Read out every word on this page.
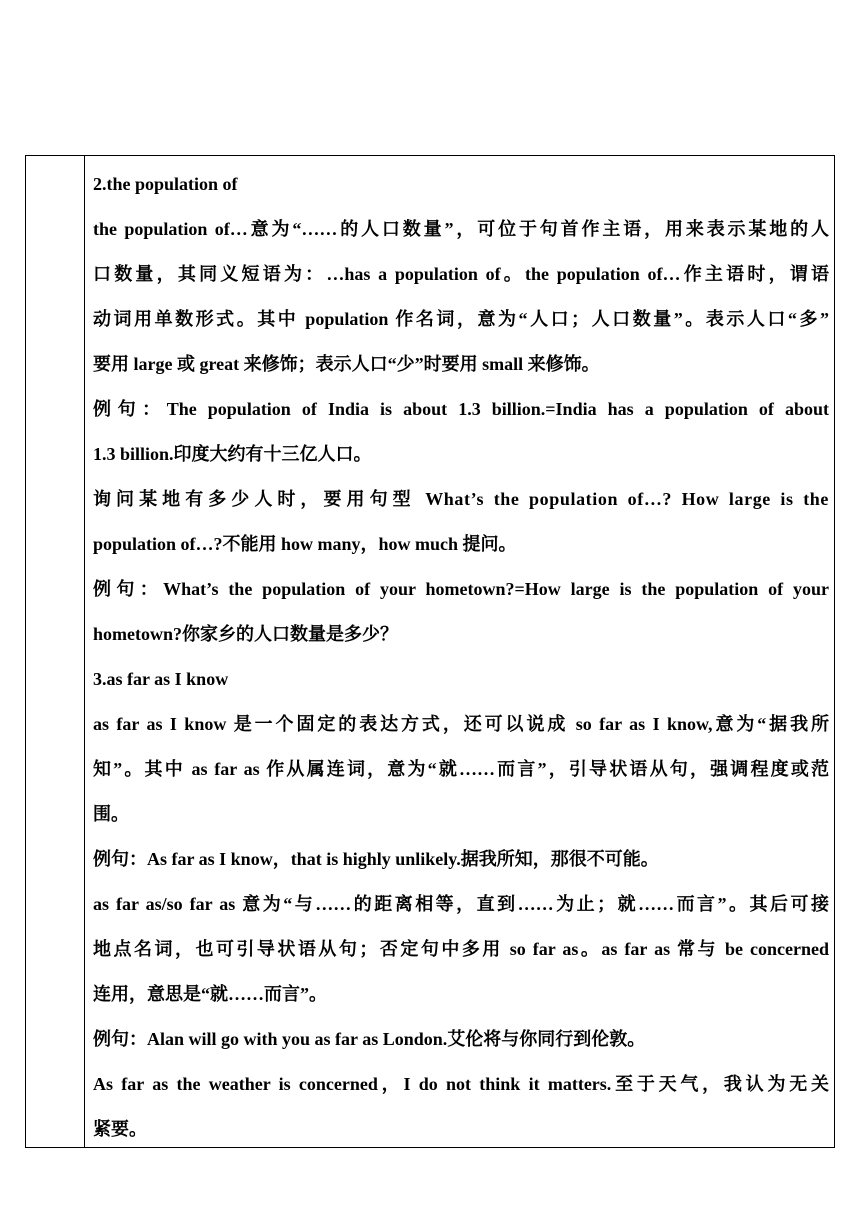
2.the population of

the population of…意为“……的人口数量”，可位于句首作主语，用来表示某地的人

口数量，其同义短语为：…has a population of。the population of…作主语时，谓语

动词用单数形式。其中 population 作名词，意为“人口；人口数量”。表示人口“多”

要用 large 或 great 来修饰；表示人口“少”时要用 small 来修饰。

例句：The population of India is about 1.3 billion.=India has a population of about

1.3 billion.印度大约有十三亿人口。

询问某地有多少人时，要用句型 What’s the population of…? How large is the

population of…?不能用 how many，how much 提问。

例句：What’s the population of your hometown?=How large is the population of your

hometown?你家乡的人口数量是多少？

3.as far as I know

as far as I know 是一个固定的表达方式，还可以说成 so far as I know,意为“据我所

知”。其中 as far as 作从属连词，意为“就……而言”，引导状语从句，强调程度或范

围。

例句：As far as I know，that is highly unlikely.据我所知，那很不可能。

as far as/so far as 意为“与……的距离相等，直到……为止；就……而言”。其后可接

地点名词，也可引导状语从句；否定句中多用 so far as。as far as 常与 be concerned

连用，意思是“就……而言”。

例句：Alan will go with you as far as London.艾伦将与你同行到伦敦。

As far as the weather is concerned，I do not think it matters.至于天气，我认为无关

紧要。
